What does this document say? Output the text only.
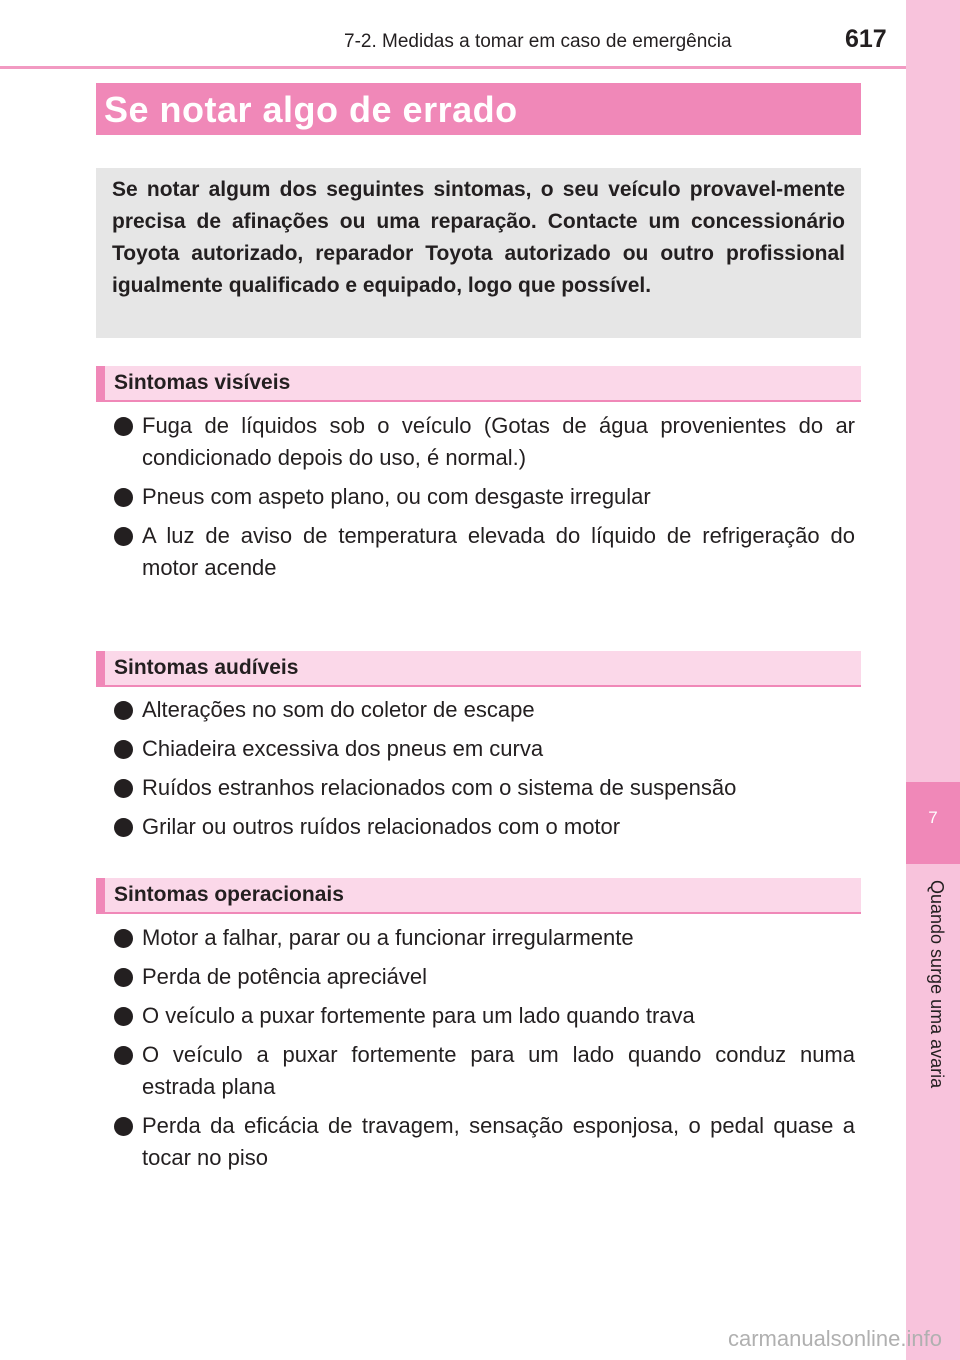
7-2. Medidas a tomar em caso de emergência	617
7
Quando surge uma avaria
Se notar algo de errado

Se notar algum dos seguintes sintomas, o seu veículo provavel-mente precisa de afinações ou uma reparação. Contacte um concessionário Toyota autorizado, reparador Toyota autorizado ou outro profissional igualmente qualificado e equipado, logo que possível.

Sintomas visíveis
Fuga de líquidos sob o veículo (Gotas de água provenientes do ar condicionado depois do uso, é normal.)
Pneus com aspeto plano, ou com desgaste irregular
A luz de aviso de temperatura elevada do líquido de refrigeração do motor acende
Sintomas audíveis
Alterações no som do coletor de escape
Chiadeira excessiva dos pneus em curva
Ruídos estranhos relacionados com o sistema de suspensão
Grilar ou outros ruídos relacionados com o motor
Sintomas operacionais
Motor a falhar, parar ou a funcionar irregularmente
Perda de potência apreciável
O veículo a puxar fortemente para um lado quando trava
O veículo a puxar fortemente para um lado quando conduz numa estrada plana
Perda da eficácia de travagem, sensação esponjosa, o pedal quase a tocar no piso
carmanualsonline.info
